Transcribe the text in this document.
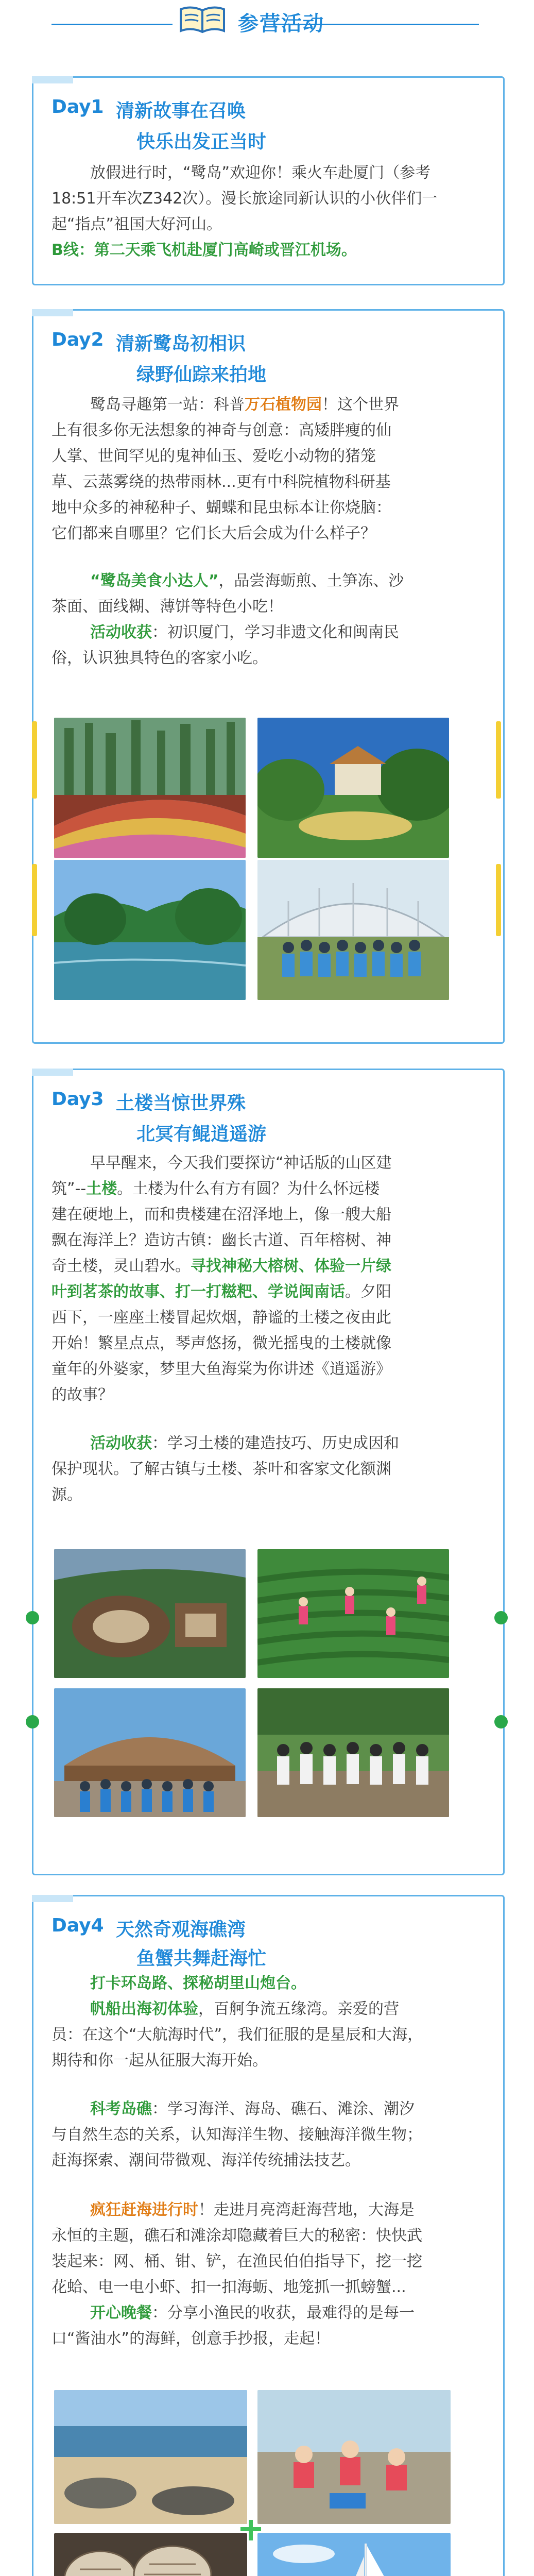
参营活动
Day1 清新故事在召唤
快乐出发正当时
放假进行时，“鹭岛”欢迎你！乘火车赴厦门（参考
18:51开车次Z342次）。漫长旅途同新认识的小伙伴们一
起“指点”祖国大好河山。
B线：第二天乘飞机赴厦门高崎或晋江机场。
Day2 清新鹭岛初相识
绿野仙踪来拍地
鹭岛寻趣第一站：科普万石植物园！这个世界
上有很多你无法想象的神奇与创意：高矮胖瘦的仙
人掌、世间罕见的鬼神仙玉、爱吃小动物的猪笼
草、云蒸雾绕的热带雨林...更有中科院植物科研基
地中众多的神秘种子、蝴蝶和昆虫标本让你烧脑：
它们都来自哪里？它们长大后会成为什么样子？
“鹭岛美食小达人”，品尝海蛎煎、土笋冻、沙
茶面、面线糊、薄饼等特色小吃！
活动收获：初识厦门，学习非遗文化和闽南民
俗，认识独具特色的客家小吃。
Day3 土楼当惊世界殊
北冥有鲲逍遥游
早早醒来，今天我们要探访“神话版的山区建
筑”--土楼。土楼为什么有方有圆？为什么怀远楼
建在硬地上，而和贵楼建在沼泽地上，像一艘大船
飘在海洋上？造访古镇：幽长古道、百年榕树、神
奇土楼，灵山碧水。寻找神秘大榕树、体验一片绿
叶到茗茶的故事、打一打糍粑、学说闽南话。夕阳
西下，一座座土楼冒起炊烟，静谧的土楼之夜由此
开始！繁星点点，琴声悠扬，微光摇曳的土楼就像
童年的外婆家，梦里大鱼海棠为你讲述《逍遥游》
的故事？
活动收获：学习土楼的建造技巧、历史成因和
保护现状。了解古镇与土楼、茶叶和客家文化额渊
源。
Day4 天然奇观海礁湾
鱼蟹共舞赶海忙
打卡环岛路、探秘胡里山炮台。
帆船出海初体验，百舸争流五缘湾。亲爱的营
员：在这个“大航海时代”，我们征服的是星辰和大海，
期待和你一起从征服大海开始。
科考岛礁：学习海洋、海岛、礁石、滩涂、潮汐
与自然生态的关系，认知海洋生物、接触海洋微生物；
赶海探索、潮间带微观、海洋传统捕法技艺。
疯狂赶海进行时！走进月亮湾赶海营地，大海是
永恒的主题，礁石和滩涂却隐藏着巨大的秘密：快快武
装起来：网、桶、钳、铲，在渔民伯伯指导下，挖一挖
花蛤、电一电小虾、扣一扣海蛎、地笼抓一抓螃蟹...
开心晚餐：分享小渔民的收获，最难得的是每一
口“酱油水”的海鲜，创意手抄报，走起！
